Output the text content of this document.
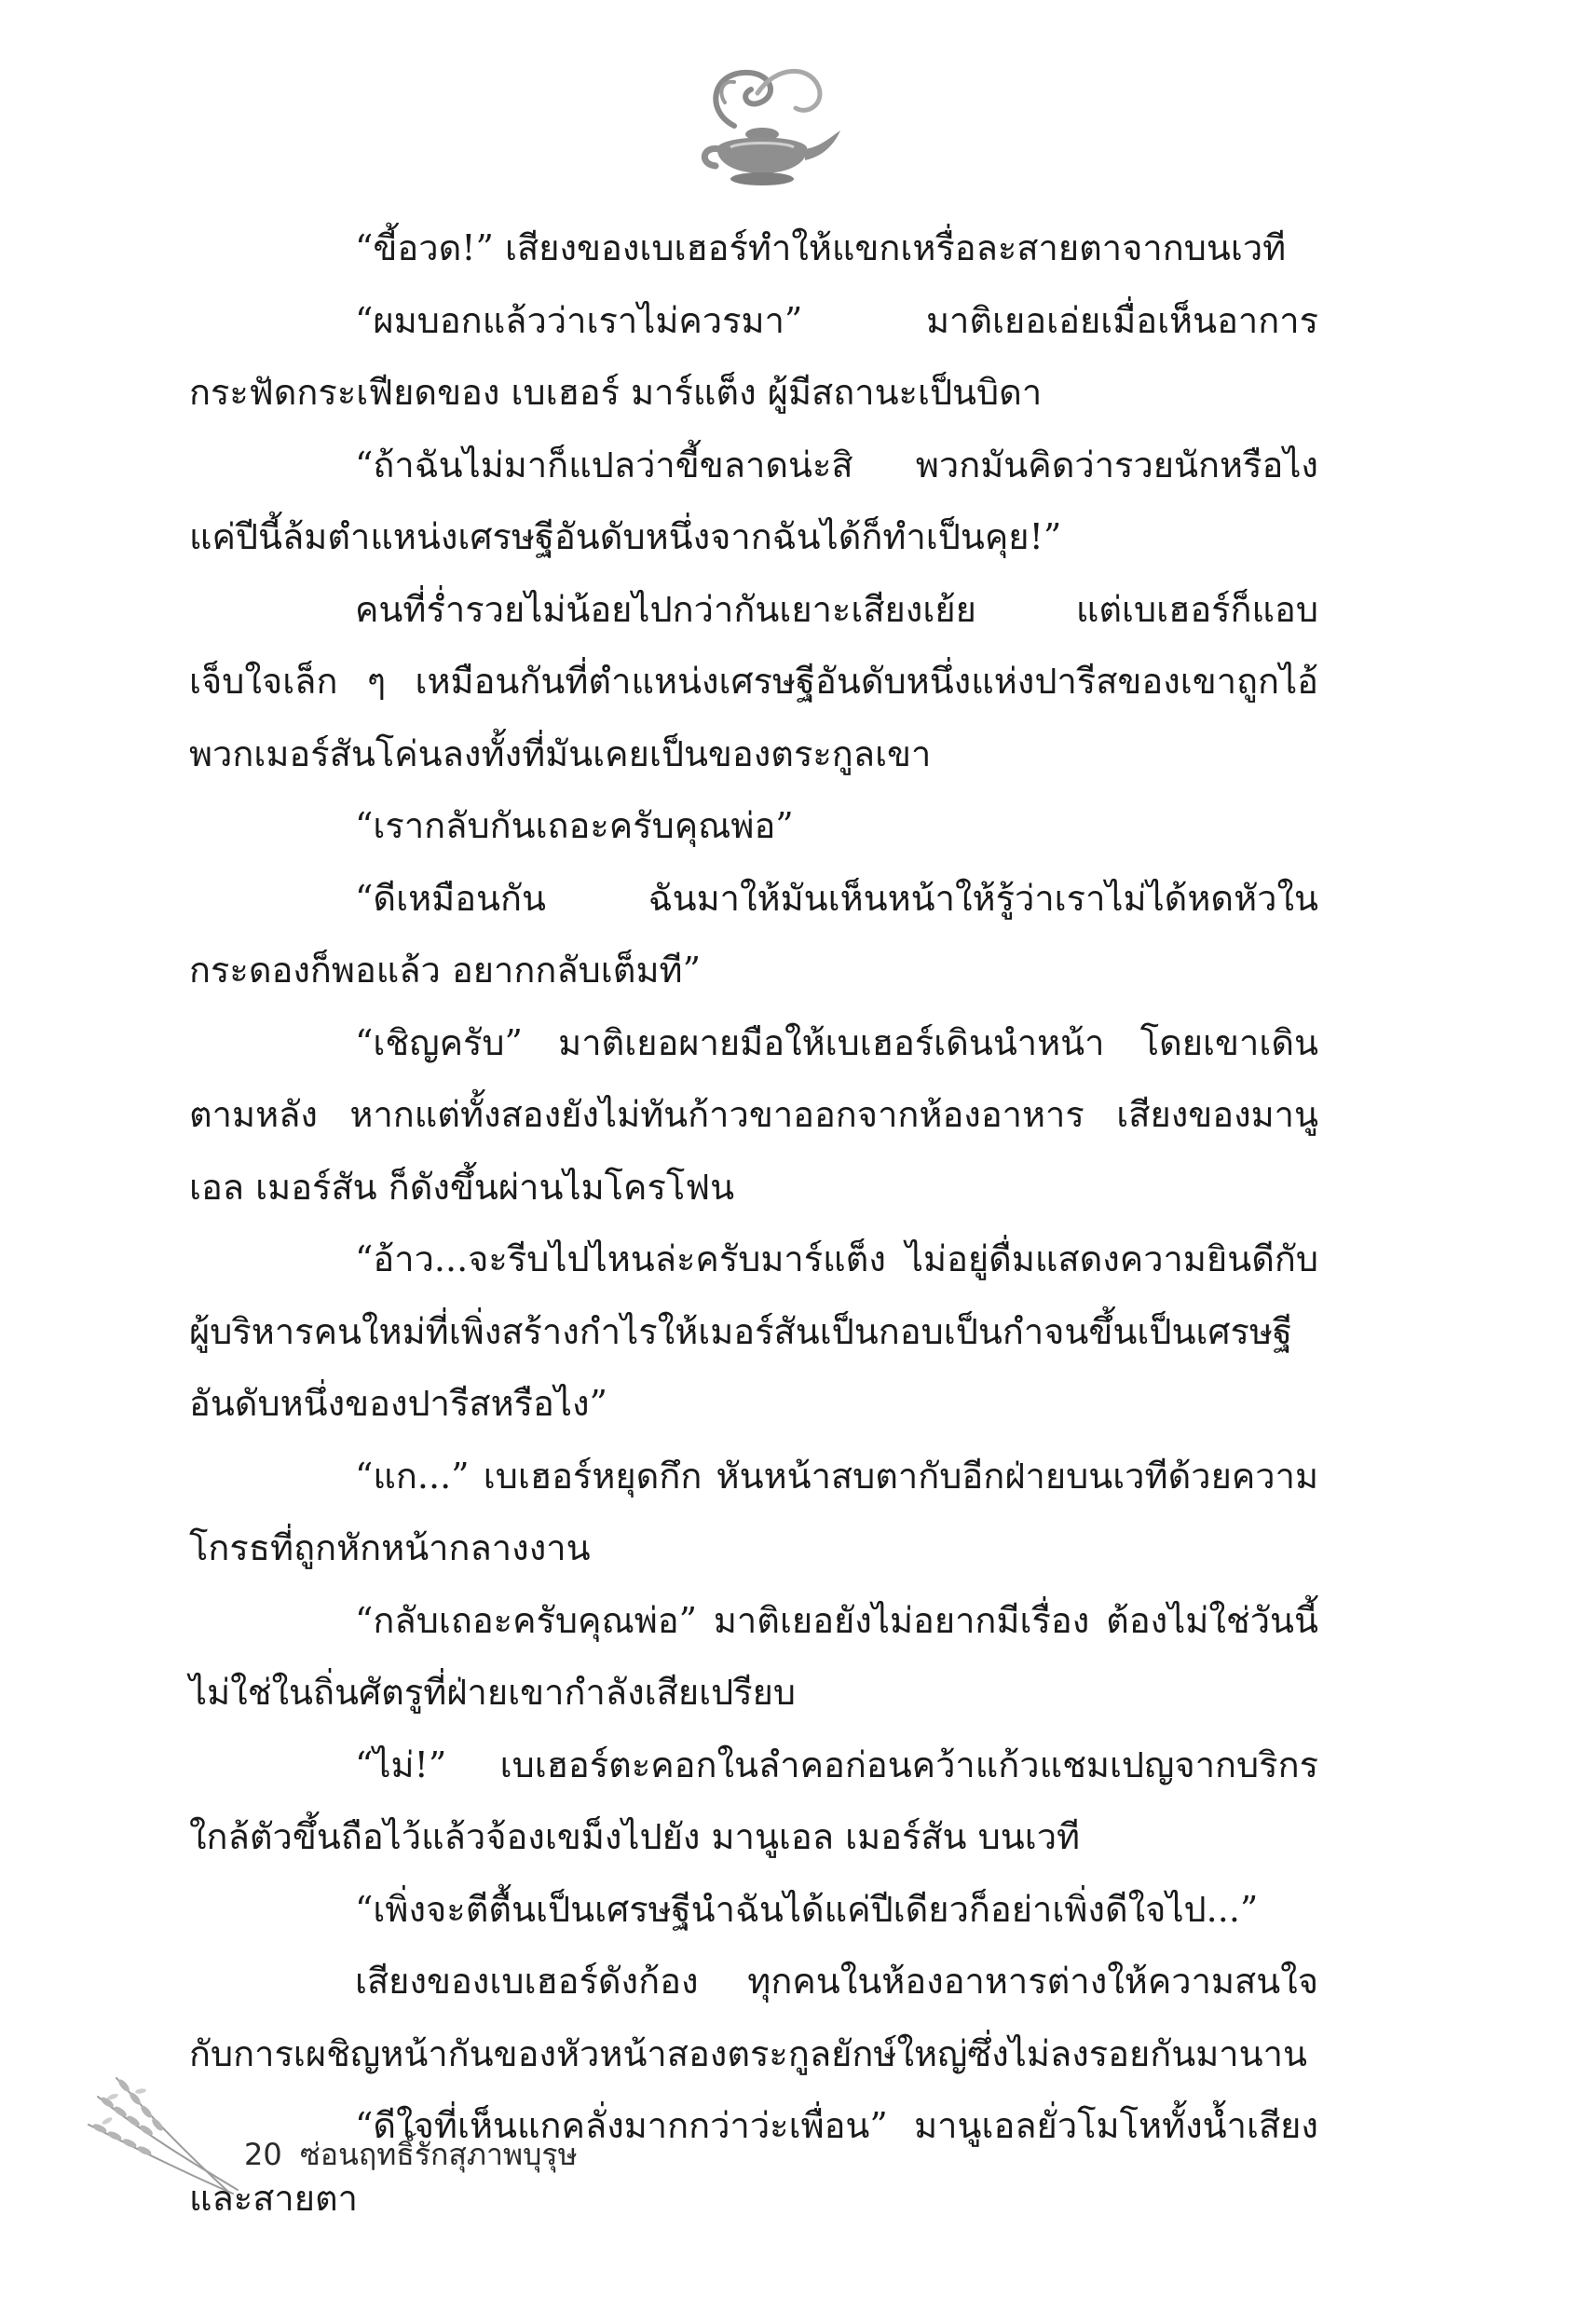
“ขี้อวด!” เสียงของเบเฮอร์ทำให้แขกเหรื่อละสายตาจากบนเวที

“ผมบอกแล้วว่าเราไม่ควรมา” มาติเยอเอ่ยเมื่อเห็นอาการกระฟัดกระเฟียดของ เบเฮอร์ มาร์แต็ง ผู้มีสถานะเป็นบิดา

“ถ้าฉันไม่มาก็แปลว่าขี้ขลาดน่ะสิ พวกมันคิดว่ารวยนักหรือไง แค่ปีนี้ล้มตำแหน่งเศรษฐีอันดับหนึ่งจากฉันได้ก็ทำเป็นคุย!”

คนที่ร่ำรวยไม่น้อยไปกว่ากันเยาะเสียงเย้ย แต่เบเฮอร์ก็แอบเจ็บใจเล็ก ๆ เหมือนกันที่ตำแหน่งเศรษฐีอันดับหนึ่งแห่งปารีสของเขาถูกไอ้พวกเมอร์สันโค่นลงทั้งที่มันเคยเป็นของตระกูลเขา

“เรากลับกันเถอะครับคุณพ่อ”

“ดีเหมือนกัน ฉันมาให้มันเห็นหน้าให้รู้ว่าเราไม่ได้หดหัวในกระดองก็พอแล้ว อยากกลับเต็มที”

“เชิญครับ” มาติเยอผายมือให้เบเฮอร์เดินนำหน้า โดยเขาเดินตามหลัง หากแต่ทั้งสองยังไม่ทันก้าวขาออกจากห้องอาหาร เสียงของมานูเอล เมอร์สัน ก็ดังขึ้นผ่านไมโครโฟน

“อ้าว...จะรีบไปไหนล่ะครับมาร์แต็ง ไม่อยู่ดื่มแสดงความยินดีกับผู้บริหารคนใหม่ที่เพิ่งสร้างกำไรให้เมอร์สันเป็นกอบเป็นกำจนขึ้นเป็นเศรษฐีอันดับหนึ่งของปารีสหรือไง”

“แก...” เบเฮอร์หยุดกึก หันหน้าสบตากับอีกฝ่ายบนเวทีด้วยความโกรธที่ถูกหักหน้ากลางงาน

“กลับเถอะครับคุณพ่อ” มาติเยอยังไม่อยากมีเรื่อง ต้องไม่ใช่วันนี้ ไม่ใช่ในถิ่นศัตรูที่ฝ่ายเขากำลังเสียเปรียบ

“ไม่!” เบเฮอร์ตะคอกในลำคอก่อนคว้าแก้วแชมเปญจากบริกรใกล้ตัวขึ้นถือไว้แล้วจ้องเขม็งไปยัง มานูเอล เมอร์สัน บนเวที

“เพิ่งจะตีตื้นเป็นเศรษฐีนำฉันได้แค่ปีเดียวก็อย่าเพิ่งดีใจไป...”

เสียงของเบเฮอร์ดังก้อง ทุกคนในห้องอาหารต่างให้ความสนใจกับการเผชิญหน้ากันของหัวหน้าสองตระกูลยักษ์ใหญ่ซึ่งไม่ลงรอยกันมานาน

“ดีใจที่เห็นแกคลั่งมากกว่าว่ะเพื่อน” มานูเอลยั่วโมโหทั้งน้ำเสียงและสายตา

20 ซ่อนฤทธิ์รักสุภาพบุรุษ
